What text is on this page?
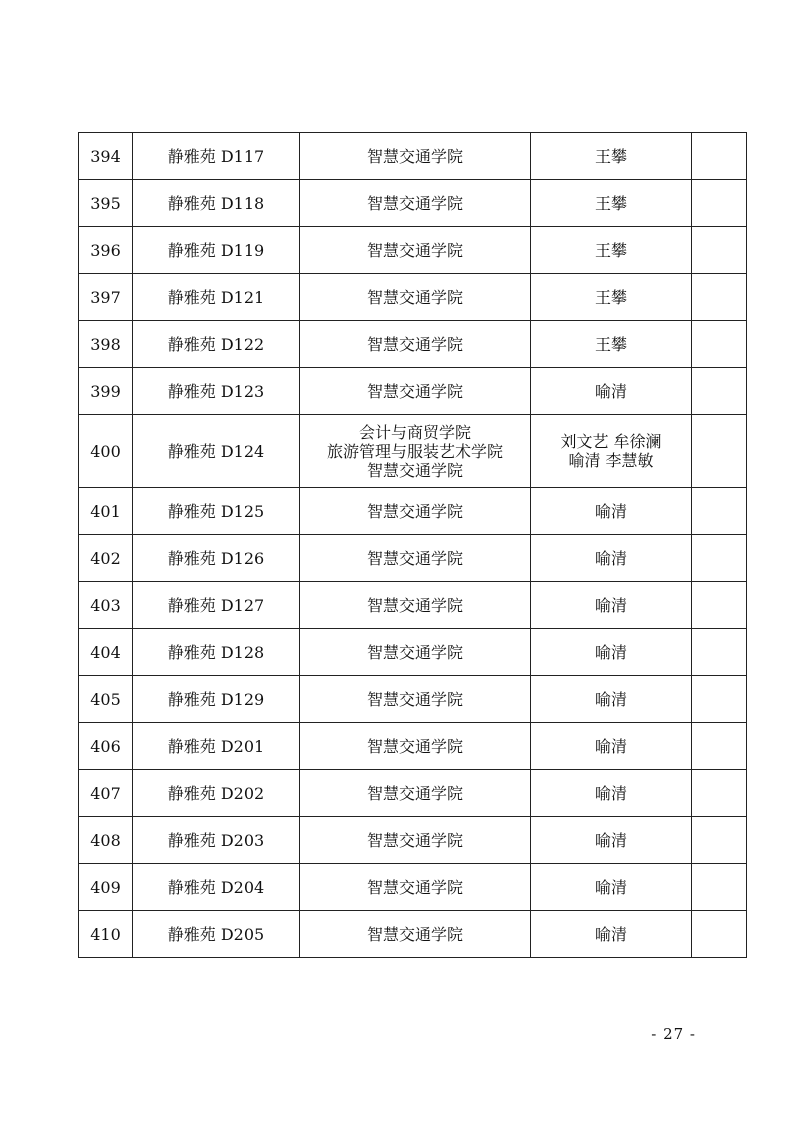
394	静雅苑 D117	智慧交通学院	王攀	

395	静雅苑 D118	智慧交通学院	王攀	

396	静雅苑 D119	智慧交通学院	王攀	

397	静雅苑 D121	智慧交通学院	王攀	

398	静雅苑 D122	智慧交通学院	王攀	

399	静雅苑 D123	智慧交通学院	喻清	

400	静雅苑 D124	会计与商贸学院
旅游管理与服装艺术学院
智慧交通学院	刘文艺 牟徐澜
喻清 李慧敏	

401	静雅苑 D125	智慧交通学院	喻清	

402	静雅苑 D126	智慧交通学院	喻清	

403	静雅苑 D127	智慧交通学院	喻清	

404	静雅苑 D128	智慧交通学院	喻清	

405	静雅苑 D129	智慧交通学院	喻清	

406	静雅苑 D201	智慧交通学院	喻清	

407	静雅苑 D202	智慧交通学院	喻清	

408	静雅苑 D203	智慧交通学院	喻清	

409	静雅苑 D204	智慧交通学院	喻清	

410	静雅苑 D205	智慧交通学院	喻清	

- 27 -
